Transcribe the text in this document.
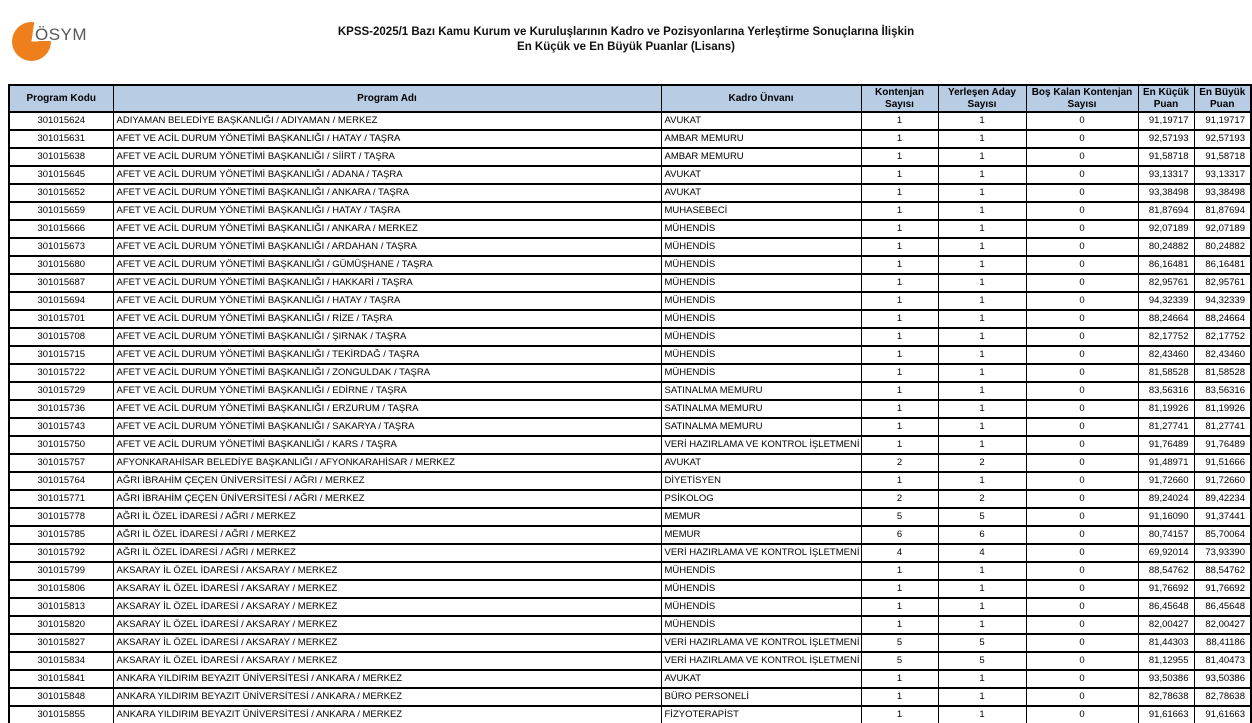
ÖSYM	KPSS-2025/1 Bazı Kamu Kurum ve Kuruluşlarının Kadro ve Pozisyonlarına Yerleştirme Sonuçlarına İlişkin
En Küçük ve En Büyük Puanlar (Lisans)
Program Kodu	Program Adı	Kadro Ünvanı	Kontenjan Sayısı	Yerleşen Aday Sayısı	Boş Kalan Kontenjan Sayısı	En Küçük Puan	En Büyük Puan
301015624	ADIYAMAN BELEDİYE BAŞKANLIĞI / ADIYAMAN / MERKEZ	AVUKAT	1	1	0	91,19717	91,19717
301015631	AFET VE ACİL DURUM YÖNETİMİ BAŞKANLIĞI / HATAY / TAŞRA	AMBAR MEMURU	1	1	0	92,57193	92,57193
301015638	AFET VE ACİL DURUM YÖNETİMİ BAŞKANLIĞI / SİİRT / TAŞRA	AMBAR MEMURU	1	1	0	91,58718	91,58718
301015645	AFET VE ACİL DURUM YÖNETİMİ BAŞKANLIĞI / ADANA / TAŞRA	AVUKAT	1	1	0	93,13317	93,13317
301015652	AFET VE ACİL DURUM YÖNETİMİ BAŞKANLIĞI / ANKARA / TAŞRA	AVUKAT	1	1	0	93,38498	93,38498
301015659	AFET VE ACİL DURUM YÖNETİMİ BAŞKANLIĞI / HATAY / TAŞRA	MUHASEBECİ	1	1	0	81,87694	81,87694
301015666	AFET VE ACİL DURUM YÖNETİMİ BAŞKANLIĞI / ANKARA / MERKEZ	MÜHENDİS	1	1	0	92,07189	92,07189
301015673	AFET VE ACİL DURUM YÖNETİMİ BAŞKANLIĞI / ARDAHAN / TAŞRA	MÜHENDİS	1	1	0	80,24882	80,24882
301015680	AFET VE ACİL DURUM YÖNETİMİ BAŞKANLIĞI / GÜMÜŞHANE / TAŞRA	MÜHENDİS	1	1	0	86,16481	86,16481
301015687	AFET VE ACİL DURUM YÖNETİMİ BAŞKANLIĞI / HAKKARİ / TAŞRA	MÜHENDİS	1	1	0	82,95761	82,95761
301015694	AFET VE ACİL DURUM YÖNETİMİ BAŞKANLIĞI / HATAY / TAŞRA	MÜHENDİS	1	1	0	94,32339	94,32339
301015701	AFET VE ACİL DURUM YÖNETİMİ BAŞKANLIĞI / RİZE / TAŞRA	MÜHENDİS	1	1	0	88,24664	88,24664
301015708	AFET VE ACİL DURUM YÖNETİMİ BAŞKANLIĞI / ŞIRNAK / TAŞRA	MÜHENDİS	1	1	0	82,17752	82,17752
301015715	AFET VE ACİL DURUM YÖNETİMİ BAŞKANLIĞI / TEKİRDAĞ / TAŞRA	MÜHENDİS	1	1	0	82,43460	82,43460
301015722	AFET VE ACİL DURUM YÖNETİMİ BAŞKANLIĞI / ZONGULDAK / TAŞRA	MÜHENDİS	1	1	0	81,58528	81,58528
301015729	AFET VE ACİL DURUM YÖNETİMİ BAŞKANLIĞI / EDİRNE / TAŞRA	SATINALMA MEMURU	1	1	0	83,56316	83,56316
301015736	AFET VE ACİL DURUM YÖNETİMİ BAŞKANLIĞI / ERZURUM / TAŞRA	SATINALMA MEMURU	1	1	0	81,19926	81,19926
301015743	AFET VE ACİL DURUM YÖNETİMİ BAŞKANLIĞI / SAKARYA / TAŞRA	SATINALMA MEMURU	1	1	0	81,27741	81,27741
301015750	AFET VE ACİL DURUM YÖNETİMİ BAŞKANLIĞI / KARS / TAŞRA	VERİ HAZIRLAMA VE KONTROL İŞLETMENİ	1	1	0	91,76489	91,76489
301015757	AFYONKARAHİSAR BELEDİYE BAŞKANLIĞI / AFYONKARAHİSAR / MERKEZ	AVUKAT	2	2	0	91,48971	91,51666
301015764	AĞRI İBRAHİM ÇEÇEN ÜNİVERSİTESİ / AĞRI / MERKEZ	DİYETİSYEN	1	1	0	91,72660	91,72660
301015771	AĞRI İBRAHİM ÇEÇEN ÜNİVERSİTESİ / AĞRI / MERKEZ	PSİKOLOG	2	2	0	89,24024	89,42234
301015778	AĞRI İL ÖZEL İDARESİ / AĞRI / MERKEZ	MEMUR	5	5	0	91,16090	91,37441
301015785	AĞRI İL ÖZEL İDARESİ / AĞRI / MERKEZ	MEMUR	6	6	0	80,74157	85,70064
301015792	AĞRI İL ÖZEL İDARESİ / AĞRI / MERKEZ	VERİ HAZIRLAMA VE KONTROL İŞLETMENİ	4	4	0	69,92014	73,93390
301015799	AKSARAY İL ÖZEL İDARESİ / AKSARAY / MERKEZ	MÜHENDİS	1	1	0	88,54762	88,54762
301015806	AKSARAY İL ÖZEL İDARESİ / AKSARAY / MERKEZ	MÜHENDİS	1	1	0	91,76692	91,76692
301015813	AKSARAY İL ÖZEL İDARESİ / AKSARAY / MERKEZ	MÜHENDİS	1	1	0	86,45648	86,45648
301015820	AKSARAY İL ÖZEL İDARESİ / AKSARAY / MERKEZ	MÜHENDİS	1	1	0	82,00427	82,00427
301015827	AKSARAY İL ÖZEL İDARESİ / AKSARAY / MERKEZ	VERİ HAZIRLAMA VE KONTROL İŞLETMENİ	5	5	0	81,44303	88,41186
301015834	AKSARAY İL ÖZEL İDARESİ / AKSARAY / MERKEZ	VERİ HAZIRLAMA VE KONTROL İŞLETMENİ	5	5	0	81,12955	81,40473
301015841	ANKARA YILDIRIM BEYAZIT ÜNİVERSİTESİ / ANKARA / MERKEZ	AVUKAT	1	1	0	93,50386	93,50386
301015848	ANKARA YILDIRIM BEYAZIT ÜNİVERSİTESİ / ANKARA / MERKEZ	BÜRO PERSONELİ	1	1	0	82,78638	82,78638
301015855	ANKARA YILDIRIM BEYAZIT ÜNİVERSİTESİ / ANKARA / MERKEZ	FİZYOTERAPİST	1	1	0	91,61663	91,61663
